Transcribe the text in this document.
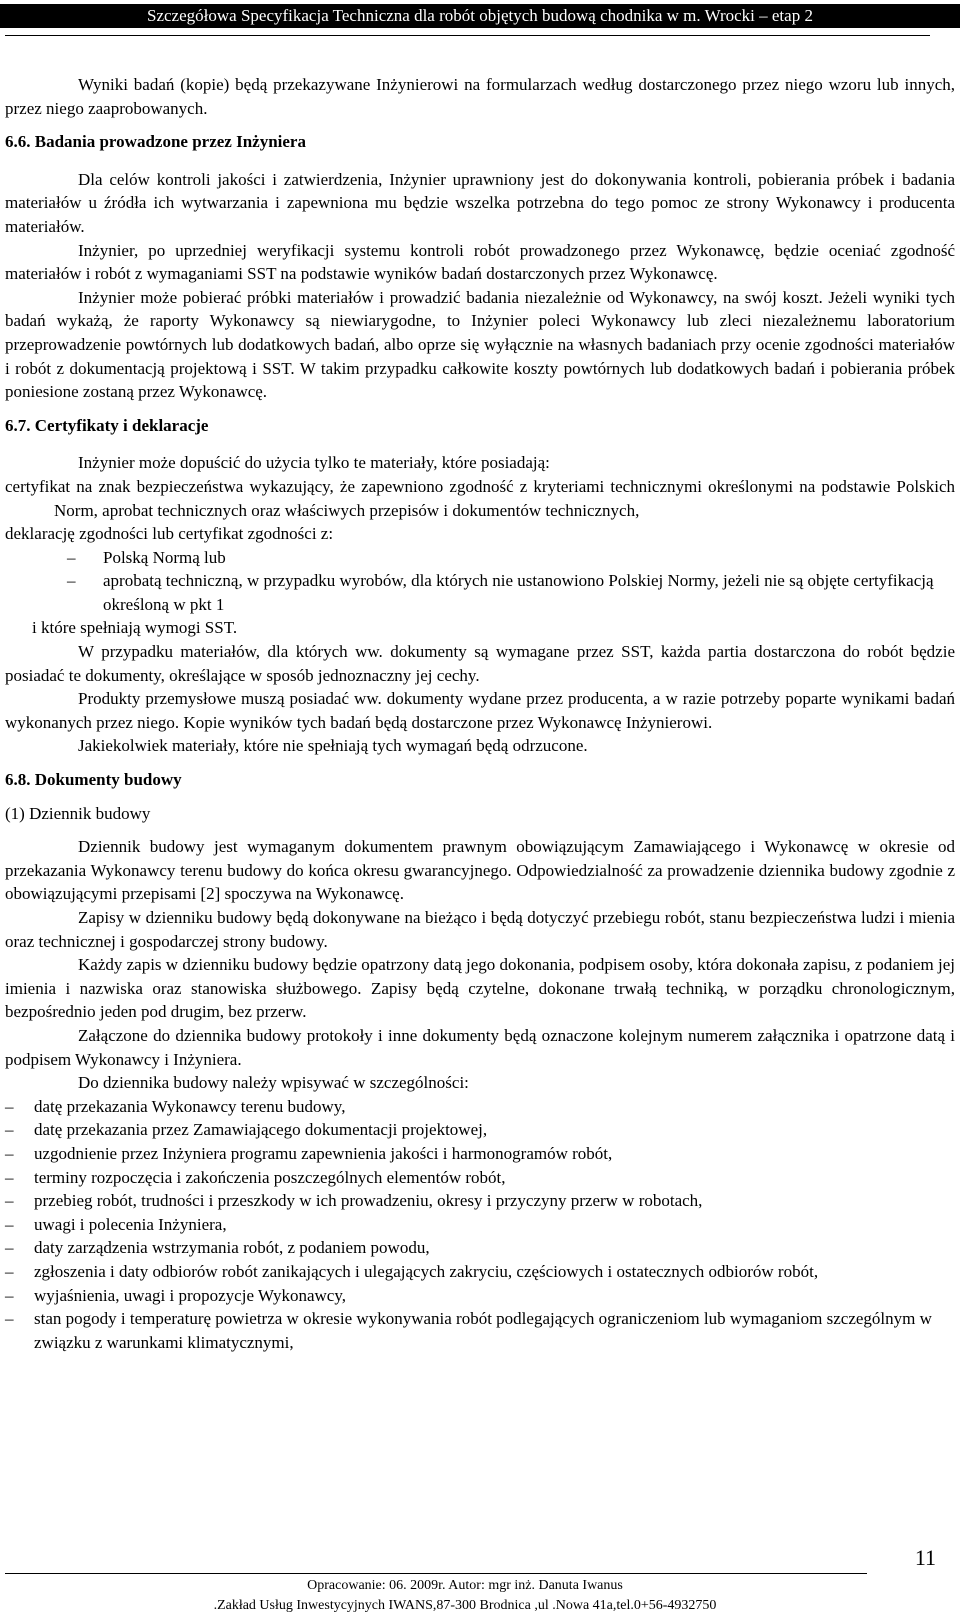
Szczegółowa Specyfikacja Techniczna dla robót objętych budową chodnika w m. Wrocki – etap 2

Wyniki badań (kopie) będą przekazywane Inżynierowi na formularzach według dostarczonego przez niego wzoru lub innych, przez niego zaaprobowanych.

6.6. Badania prowadzone przez Inżyniera

Dla celów kontroli jakości i zatwierdzenia, Inżynier uprawniony jest do dokonywania kontroli, pobierania próbek i badania materiałów u źródła ich wytwarzania i zapewniona mu będzie wszelka potrzebna do tego pomoc ze strony Wykonawcy i producenta materiałów.

Inżynier, po uprzedniej weryfikacji systemu kontroli robót prowadzonego przez Wykonawcę, będzie oceniać zgodność materiałów i robót z wymaganiami SST na podstawie wyników badań dostarczonych przez Wykonawcę.

Inżynier może pobierać próbki materiałów i prowadzić badania niezależnie od Wykonawcy, na swój koszt. Jeżeli wyniki tych badań wykażą, że raporty Wykonawcy są niewiarygodne, to Inżynier poleci Wykonawcy lub zleci niezależnemu laboratorium przeprowadzenie powtórnych lub dodatkowych badań, albo oprze się wyłącznie na własnych badaniach przy ocenie zgodności materiałów i robót z dokumentacją projektową i SST. W takim przypadku całkowite koszty powtórnych lub dodatkowych badań i pobierania próbek poniesione zostaną przez Wykonawcę.

6.7. Certyfikaty i deklaracje

Inżynier może dopuścić do użycia tylko te materiały, które posiadają:

certyfikat na znak bezpieczeństwa wykazujący, że zapewniono zgodność z kryteriami technicznymi określonymi na podstawie Polskich Norm, aprobat technicznych oraz właściwych przepisów i dokumentów technicznych,

deklarację zgodności lub certyfikat zgodności z:

– Polską Normą lub
– aprobatą techniczną, w przypadku wyrobów, dla których nie ustanowiono Polskiej Normy, jeżeli nie są objęte certyfikacją określoną w pkt 1

i które spełniają wymogi SST.

W przypadku materiałów, dla których ww. dokumenty są wymagane przez SST, każda partia dostarczona do robót będzie posiadać te dokumenty, określające w sposób jednoznaczny jej cechy.

Produkty przemysłowe muszą posiadać ww. dokumenty wydane przez producenta, a w razie potrzeby poparte wynikami badań wykonanych przez niego. Kopie wyników tych badań będą dostarczone przez Wykonawcę Inżynierowi.

Jakiekolwiek materiały, które nie spełniają tych wymagań będą odrzucone.

6.8. Dokumenty budowy

(1) Dziennik budowy

Dziennik budowy jest wymaganym dokumentem prawnym obowiązującym Zamawiającego i Wykonawcę w okresie od przekazania Wykonawcy terenu budowy do końca okresu gwarancyjnego. Odpowiedzialność za prowadzenie dziennika budowy zgodnie z obowiązującymi przepisami [2] spoczywa na Wykonawcę.

Zapisy w dzienniku budowy będą dokonywane na bieżąco i będą dotyczyć przebiegu robót, stanu bezpieczeństwa ludzi i mienia oraz technicznej i gospodarczej strony budowy.

Każdy zapis w dzienniku budowy będzie opatrzony datą jego dokonania, podpisem osoby, która dokonała zapisu, z podaniem jej imienia i nazwiska oraz stanowiska służbowego. Zapisy będą czytelne, dokonane trwałą techniką, w porządku chronologicznym, bezpośrednio jeden pod drugim, bez przerw.

Załączone do dziennika budowy protokoły i inne dokumenty będą oznaczone kolejnym numerem załącznika i opatrzone datą i podpisem Wykonawcy i Inżyniera.

Do dziennika budowy należy wpisywać w szczególności:

– datę przekazania Wykonawcy terenu budowy,
– datę przekazania przez Zamawiającego dokumentacji projektowej,
– uzgodnienie przez Inżyniera programu zapewnienia jakości i harmonogramów robót,
– terminy rozpoczęcia i zakończenia poszczególnych elementów robót,
– przebieg robót, trudności i przeszkody w ich prowadzeniu, okresy i przyczyny przerw w robotach,
– uwagi i polecenia Inżyniera,
– daty zarządzenia wstrzymania robót, z podaniem powodu,
– zgłoszenia i daty odbiorów robót zanikających i ulegających zakryciu, częściowych i ostatecznych odbiorów robót,
– wyjaśnienia, uwagi i propozycje Wykonawcy,
– stan pogody i temperaturę powietrza w okresie wykonywania robót podlegających ograniczeniom lub wymaganiom szczególnym w związku z warunkami klimatycznymi,
11
Opracowanie: 06. 2009r. Autor: mgr inż. Danuta Iwanus
.Zakład Usług Inwestycyjnych IWANS,87-300 Brodnica ,ul .Nowa 41a,tel.0+56-4932750
